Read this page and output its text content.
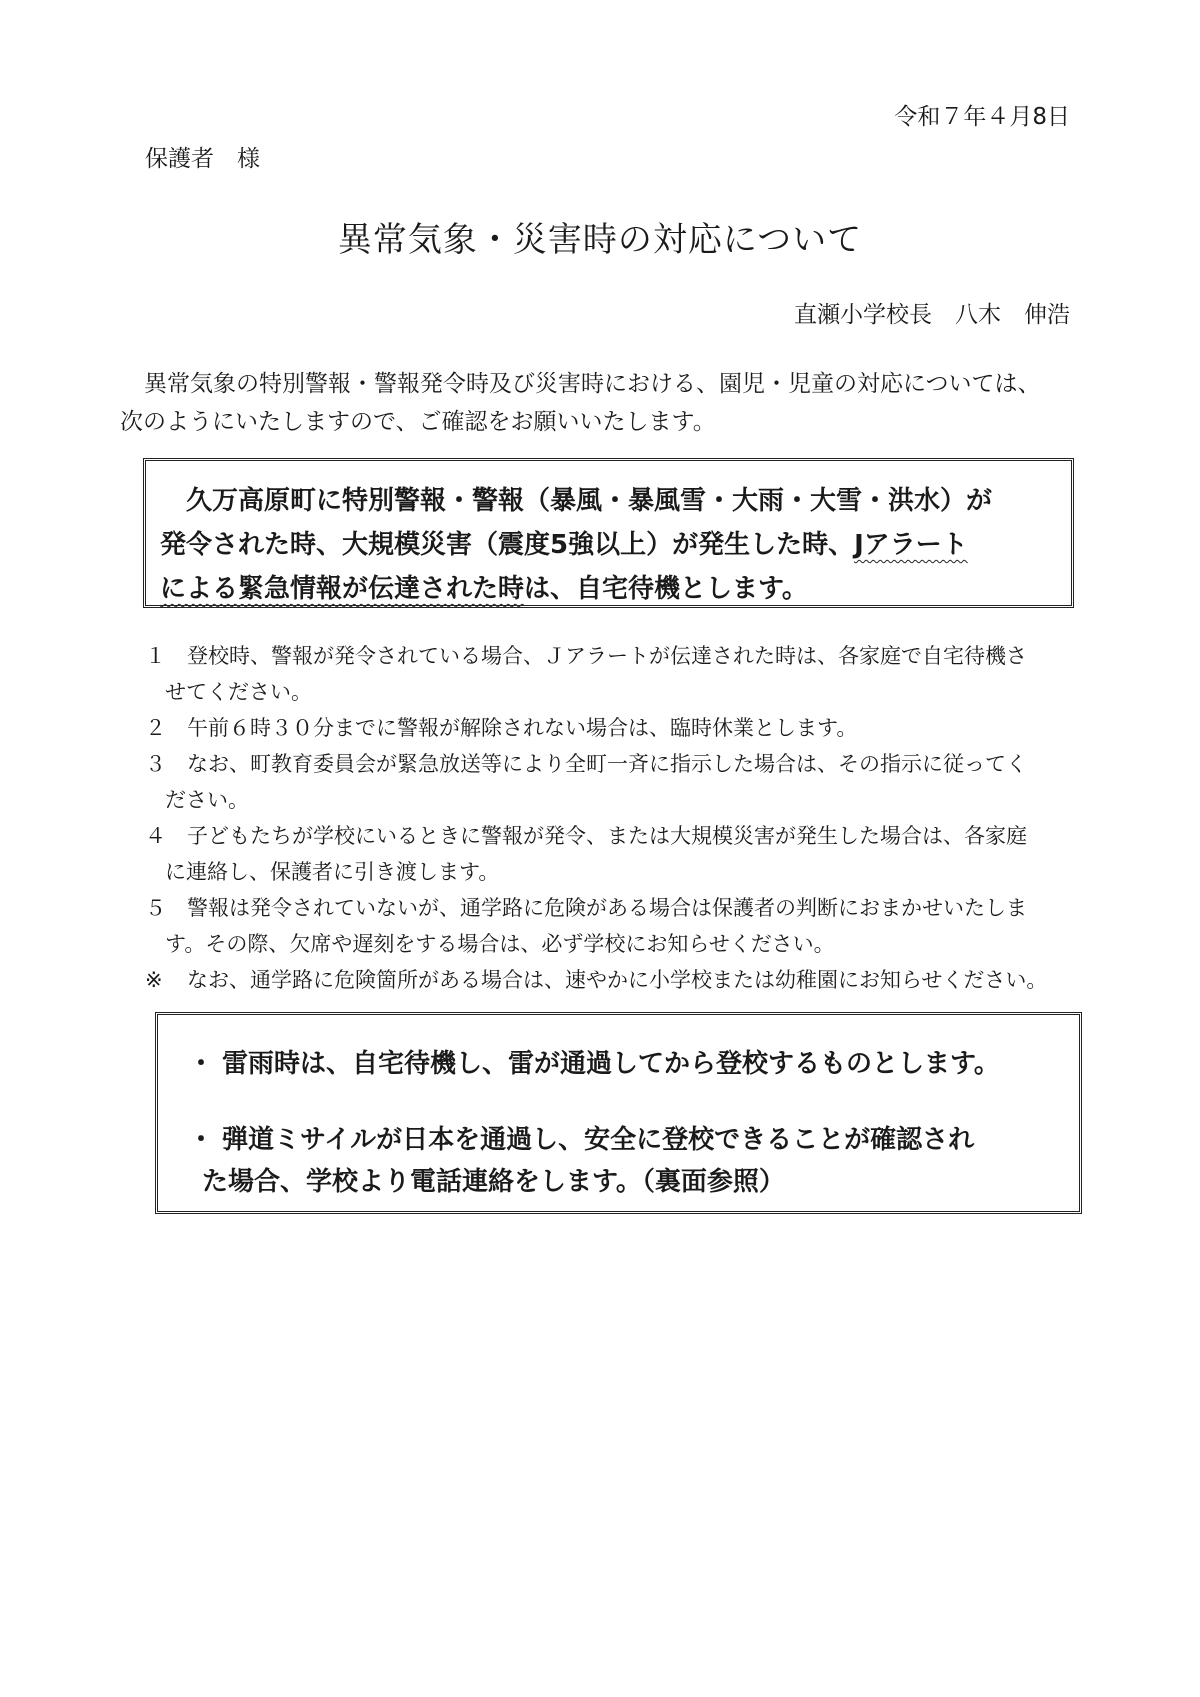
令和７年４月8日
保護者　様
異常気象・災害時の対応について
直瀬小学校長　八木　伸浩
異常気象の特別警報・警報発令時及び災害時における、園児・児童の対応については、
次のようにいたしますので、ご確認をお願いいたします。
久万高原町に特別警報・警報（暴風・暴風雪・大雨・大雪・洪水）が
発令された時、大規模災害（震度5強以上）が発生した時、Jアラート
による緊急情報が伝達された時は、自宅待機とします。
１ 登校時、警報が発令されている場合、Ｊアラートが伝達された時は、各家庭で自宅待機さ
せてください。
２ 午前６時３０分までに警報が解除されない場合は、臨時休業とします。
３ なお、町教育委員会が緊急放送等により全町一斉に指示した場合は、その指示に従ってく
ださい。
４ 子どもたちが学校にいるときに警報が発令、または大規模災害が発生した場合は、各家庭
に連絡し、保護者に引き渡します。
５ 警報は発令されていないが、通学路に危険がある場合は保護者の判断におまかせいたしま
す。その際、欠席や遅刻をする場合は、必ず学校にお知らせください。
※ なお、通学路に危険箇所がある場合は、速やかに小学校または幼稚園にお知らせください。
・ 雷雨時は、自宅待機し、雷が通過してから登校するものとします。
・ 弾道ミサイルが日本を通過し、安全に登校できることが確認され
た場合、学校より電話連絡をします。（裏面参照）
